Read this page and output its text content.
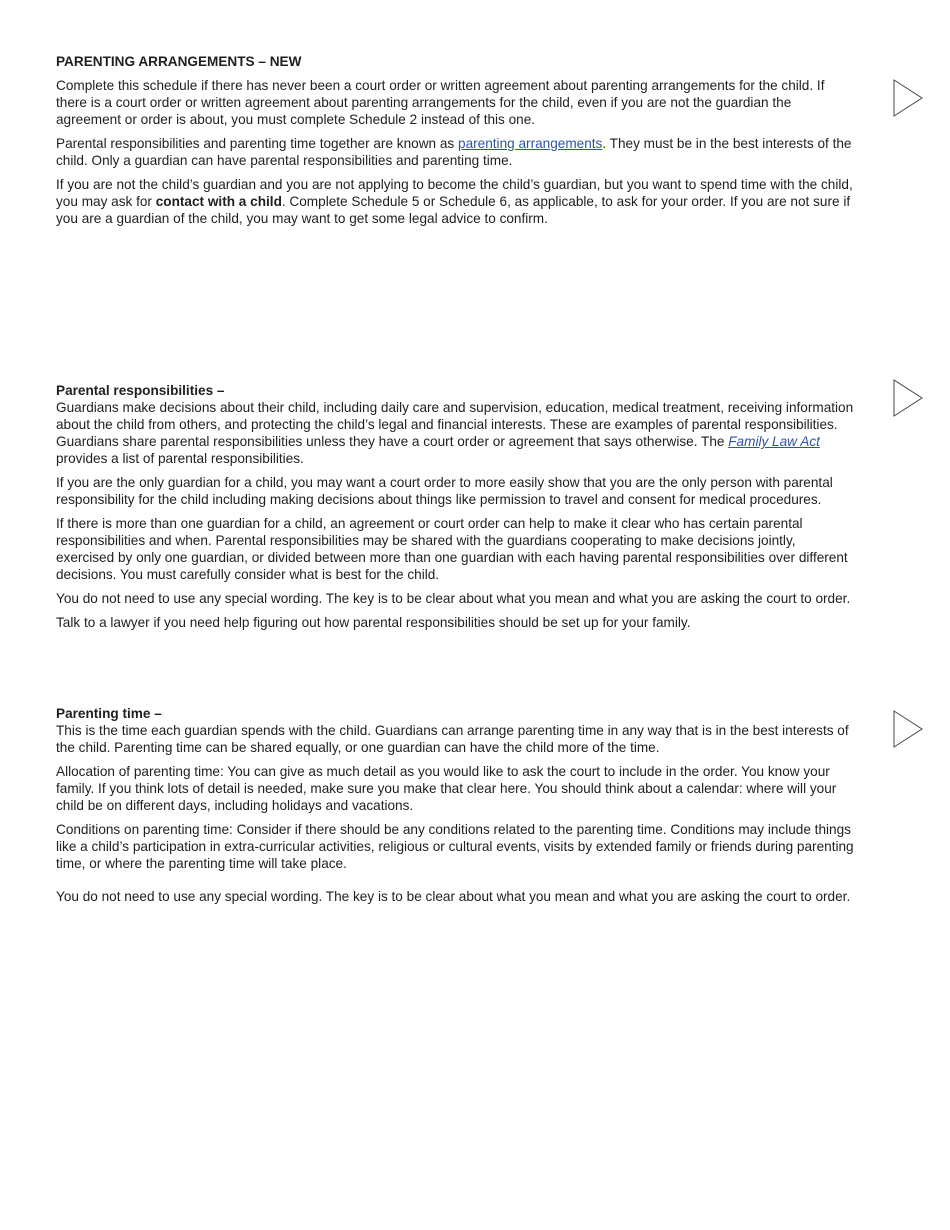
PARENTING ARRANGEMENTS – NEW

Complete this schedule if there has never been a court order or written agreement about parenting arrangements for the child. If there is a court order or written agreement about parenting arrangements for the child, even if you are not the guardian the agreement or order is about, you must complete Schedule 2 instead of this one.

Parental responsibilities and parenting time together are known as parenting arrangements. They must be in the best interests of the child. Only a guardian can have parental responsibilities and parenting time.

If you are not the child’s guardian and you are not applying to become the child’s guardian, but you want to spend time with the child, you may ask for contact with a child. Complete Schedule 5 or Schedule 6, as applicable, to ask for your order. If you are not sure if you are a guardian of the child, you may want to get some legal advice to confirm.

Parental responsibilities –

Guardians make decisions about their child, including daily care and supervision, education, medical treatment, receiving information about the child from others, and protecting the child’s legal and financial interests. These are examples of parental responsibilities. Guardians share parental responsibilities unless they have a court order or agreement that says otherwise. The Family Law Act provides a list of parental responsibilities.

If you are the only guardian for a child, you may want a court order to more easily show that you are the only person with parental responsibility for the child including making decisions about things like permission to travel and consent for medical procedures.

If there is more than one guardian for a child, an agreement or court order can help to make it clear who has certain parental responsibilities and when. Parental responsibilities may be shared with the guardians cooperating to make decisions jointly, exercised by only one guardian, or divided between more than one guardian with each having parental responsibilities over different decisions. You must carefully consider what is best for the child.

You do not need to use any special wording. The key is to be clear about what you mean and what you are asking the court to order.

Talk to a lawyer if you need help figuring out how parental responsibilities should be set up for your family.

Parenting time –

This is the time each guardian spends with the child. Guardians can arrange parenting time in any way that is in the best interests of the child. Parenting time can be shared equally, or one guardian can have the child more of the time.

Allocation of parenting time: You can give as much detail as you would like to ask the court to include in the order. You know your family. If you think lots of detail is needed, make sure you make that clear here. You should think about a calendar: where will your child be on different days, including holidays and vacations.

Conditions on parenting time: Consider if there should be any conditions related to the parenting time. Conditions may include things like a child’s participation in extra-curricular activities, religious or cultural events, visits by extended family or friends during parenting time, or where the parenting time will take place.

You do not need to use any special wording. The key is to be clear about what you mean and what you are asking the court to order.
